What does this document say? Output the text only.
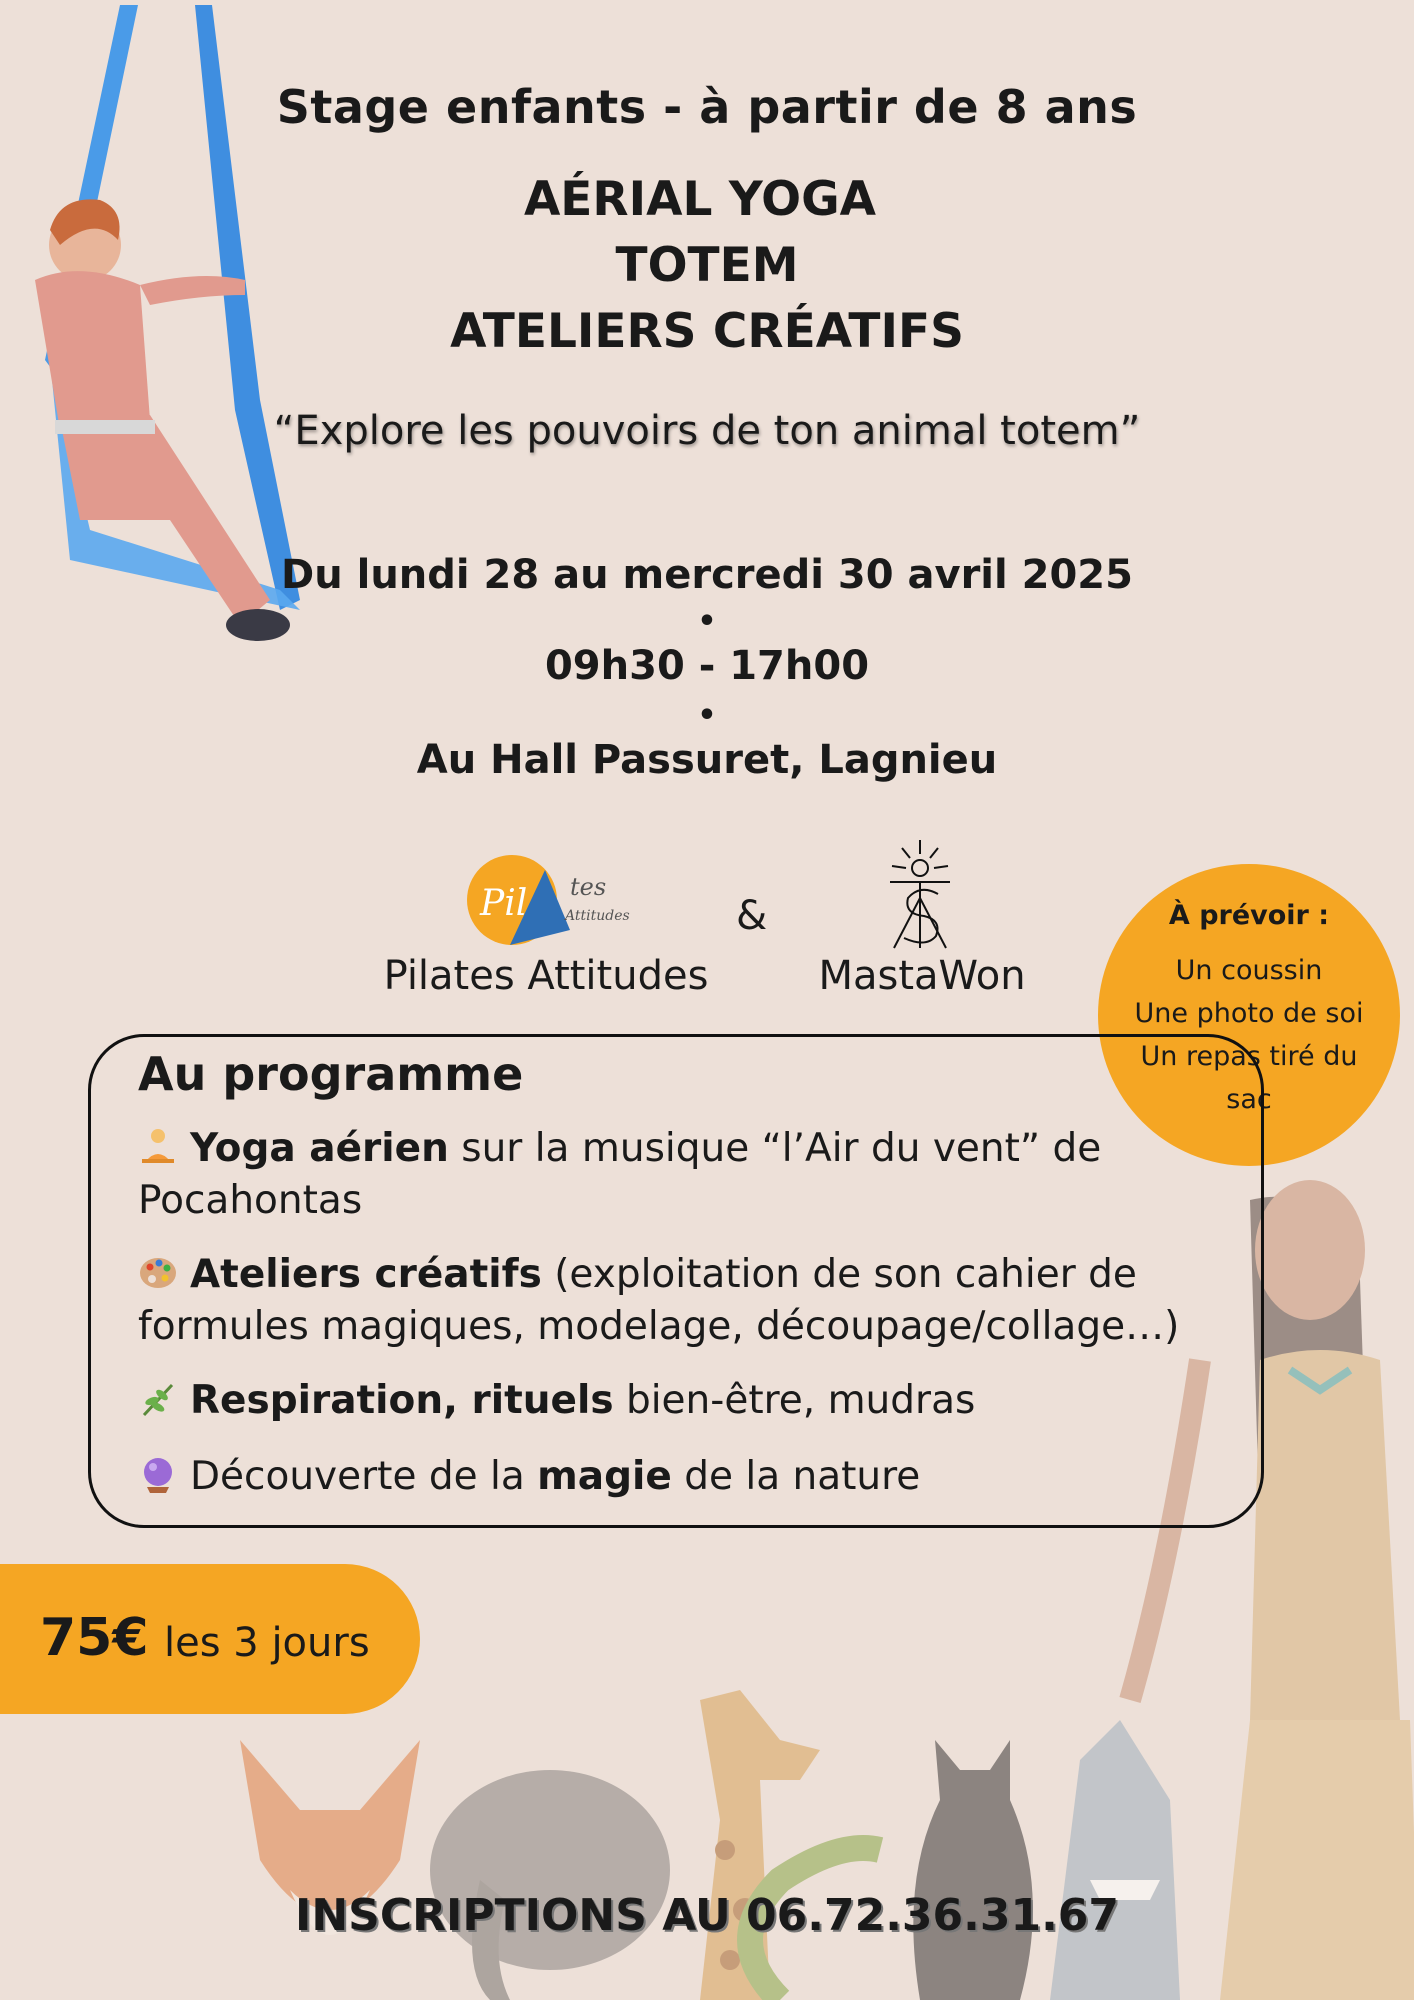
Stage enfants - à partir de 8 ans
AÉRIAL YOGA
TOTEM
ATELIERS CRÉATIFS
“Explore les pouvoirs de ton animal totem”
Du lundi 28 au mercredi 30 avril 2025
•
09h30 - 17h00
•
Au Hall Passuret, Lagnieu
Pil tes
Attitudes	&
Pilates Attitudes	MastaWon
À prévoir :
Un coussin
Une photo de soi
Un repas tiré du
sac
Au programme
Yoga aérien sur la musique “l’Air du vent” de
Pocahontas
Ateliers créatifs (exploitation de son cahier de
formules magiques, modelage, découpage/collage…)
Respiration, rituels bien-être, mudras
Découverte de la magie de la nature
75€ les 3 jours
INSCRIPTIONS AU 06.72.36.31.67
